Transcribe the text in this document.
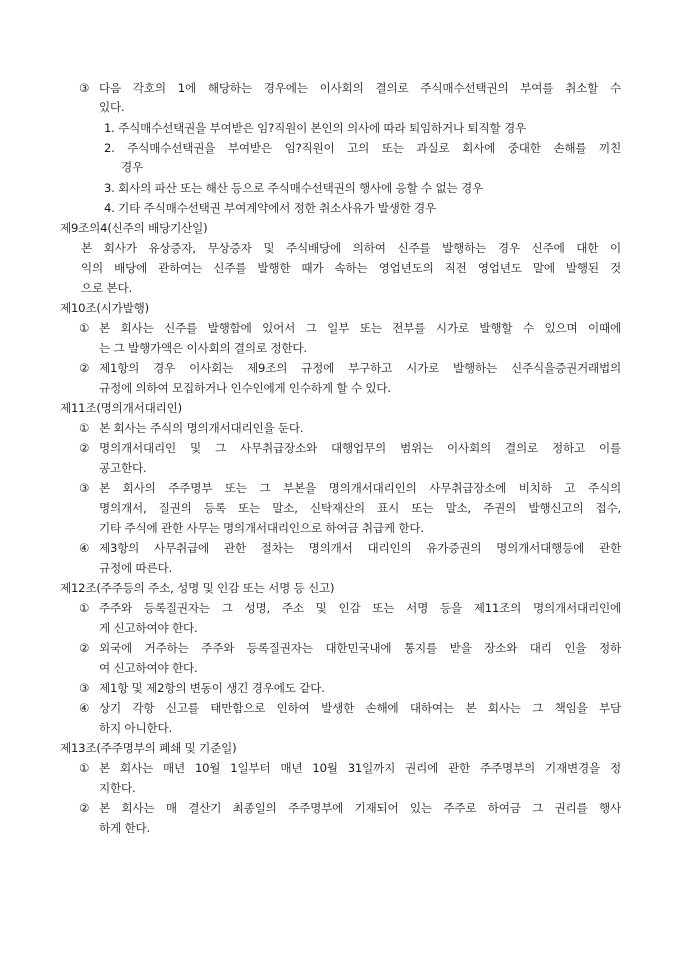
③ 다음 각호의 1에 해당하는 경우에는 이사회의 결의로 주식매수선택권의 부여를 취소할 수
있다.
1. 주식매수선택권을 부여받은 임?직원이 본인의 의사에 따라 퇴임하거나 퇴직할 경우
2. 주식매수선택권을 부여받은 임?직원이 고의 또는 과실로 회사에 중대한 손해를 끼친
경우
3. 회사의 파산 또는 해산 등으로 주식매수선택권의 행사에 응할 수 없는 경우
4. 기타 주식매수선택권 부여계약에서 정한 취소사유가 발생한 경우
제9조의4(신주의 배당기산일)
본 회사가 유상증자, 무상증자 및 주식배당에 의하여 신주를 발행하는 경우 신주에 대한 이
익의 배당에 관하여는 신주를 발행한 때가 속하는 영업년도의 직전 영업년도 말에 발행된 것
으로 본다.
제10조(시가발행)
① 본 회사는 신주를 발행함에 있어서 그 일부 또는 전부를 시가로 발행할 수 있으며 이때에
는 그 발행가액은 이사회의 결의로 정한다.
② 제1항의 경우 이사회는 제9조의 규정에 부구하고 시가로 발행하는 신주식을증권거래법의
규정에 의하여 모집하거나 인수인에게 인수하게 할 수 있다.
제11조(명의개서대리인)
① 본 회사는 주식의 명의개서대리인을 둔다.
② 명의개서대리인 및 그 사무취급장소와 대행업무의 범위는 이사회의 결의로 정하고 이를
공고한다.
③ 본 회사의 주주명부 또는 그 부본을 명의개서대리인의 사무취급장소에 비치하 고 주식의
명의개서, 질권의 등록 또는 말소, 신탁재산의 표시 또는 말소, 주권의 발행신고의 접수,
기타 주식에 관한 사무는 명의개서대리인으로 하여금 취급케 한다.
④ 제3항의 사무취급에 관한 절차는 명의개서 대리인의 유가증권의 명의개서대행등에 관한
규정에 따른다.
제12조(주주등의 주소, 성명 및 인감 또는 서명 등 신고)
① 주주와 등록질권자는 그 성명, 주소 및 인감 또는 서명 등을 제11조의 명의개서대리인에
게 신고하여야 한다.
② 외국에 거주하는 주주와 등록질권자는 대한민국내에 통지를 받을 장소와 대리 인을 정하
여 신고하여야 한다.
③ 제1항 및 제2항의 변동이 생긴 경우에도 같다.
④ 상기 각항 신고를 태만함으로 인하여 발생한 손해에 대하여는 본 회사는 그 책임을 부담
하지 아니한다.
제13조(주주명부의 폐쇄 및 기준일)
① 본 회사는 매년 10월 1일부터 매년 10월 31일까지 권리에 관한 주주명부의 기재변경을 정
지한다.
② 본 회사는 매 결산기 최종일의 주주명부에 기재되어 있는 주주로 하여금 그 권리를 행사
하게 한다.
